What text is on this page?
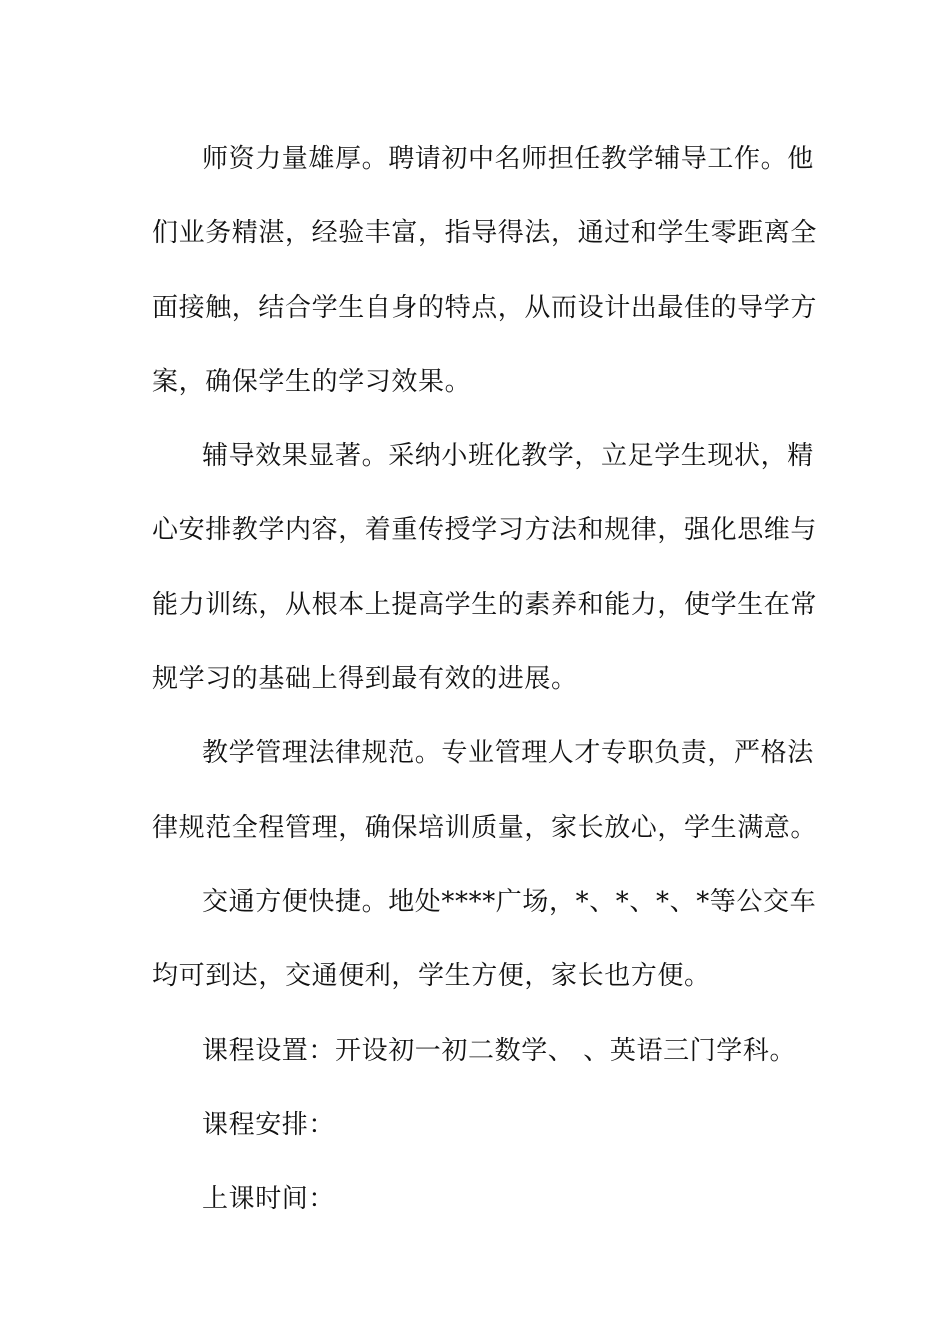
师资力量雄厚。聘请初中名师担任教学辅导工作。他
们业务精湛，经验丰富，指导得法，通过和学生零距离全
面接触，结合学生自身的特点，从而设计出最佳的导学方
案，确保学生的学习效果。

辅导效果显著。采纳小班化教学，立足学生现状，精
心安排教学内容，着重传授学习方法和规律，强化思维与
能力训练，从根本上提高学生的素养和能力，使学生在常
规学习的基础上得到最有效的进展。

教学管理法律规范。专业管理人才专职负责，严格法
律规范全程管理，确保培训质量，家长放心，学生满意。

交通方便快捷。地处****广场，*、*、*、*等公交车
均可到达，交通便利，学生方便，家长也方便。

课程设置：开设初一初二数学、 、英语三门学科。

课程安排：

上课时间：
